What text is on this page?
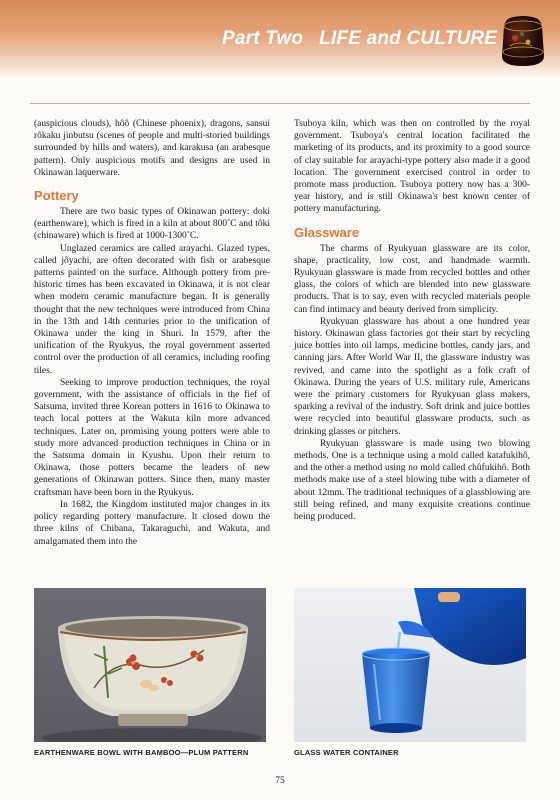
Part Two LIFE and CULTURE

(auspicious clouds), hôô (Chinese phoenix), dragons, sansui rôkaku jinbutsu (scenes of people and multi-storied buildings surrounded by hills and waters), and karakusa (an arabesque pattern). Only auspicious motifs and designs are used in Okinawan laquerware.

Pottery

There are two basic types of Okinawan pottery: doki (earthenware), which is fired in a kiln at about 800˚C and tôki (chinaware) which is fired at 1000-1300˚C.

Unglazed ceramics are called arayachi. Glazed types, called jôyachi, are often decorated with fish or arabesque patterns painted on the surface. Although pottery from pre-historic times has been excavated in Okinawa, it is not clear when modern ceramic manufacture began. It is generally thought that the new techniques were introduced from China in the 13th and 14th centuries prior to the unification of Okinawa under the king in Shuri. In 1579, after the unification of the Ryukyus, the royal government asserted control over the production of all ceramics, including roofing tiles.

Seeking to improve production techniques, the royal government, with the assistance of officials in the fief of Satsuma, invited three Korean potters in 1616 to Okinawa to teach local potters at the Wakuta kiln more advanced techniques. Later on, promising young potters were able to study more advanced production techniques in China or in the Satsuma domain in Kyushu. Upon their return to Okinawa, those potters became the leaders of new generations of Okinawan potters. Since then, many master craftsman have been born in the Ryukyus.

In 1682, the Kingdom instituted major changes in its policy regarding pottery manufacture. It closed down the three kilns of Chibana, Takaraguchi, and Wakuta, and amalgamated them into the

Tsuboya kiln, which was then on controlled by the royal government. Tsuboya's central location facilitated the marketing of its products, and its proximity to a good source of clay suitable for arayachi-type pottery also made it a good location. The government exercised control in order to promote mass production. Tsuboya pottery now has a 300-year history, and is still Okinawa's best known center of pottery manufacturing.

Glassware

The charms of Ryukyuan glassware are its color, shape, practicality, low cost, and handmade warmth. Ryukyuan glassware is made from recycled bottles and other glass, the colors of which are blended into new glassware products. That is to say, even with recycled materials people can find intimacy and beauty derived from simplicity.

Ryukyuan glassware has about a one hundred year history. Okinawan glass factories got their start by recycling juice bottles into oil lamps, medicine bottles, candy jars, and canning jars. After World War II, the glassware industry was revived, and came into the spotlight as a folk craft of Okinawa. During the years of U.S. military rule, Americans were the primary customers for Ryukyuan glass makers, sparking a revival of the industry. Soft drink and juice bottles were recycled into beautiful glassware products, such as drinking glasses or pitchers.

Ryukyuan glassware is made using two blowing methods. One is a technique using a mold called katafukihô, and the other a method using no mold called chûfukihô. Both methods make use of a steel blowing tube with a diameter of about 12mm. The traditional techniques of a glassblowing are still being refined, and many exquisite creations continue being produced.

EARTHENWARE BOWL WITH BAMBOO—PLUM PATTERN	GLASS WATER CONTAINER
75
